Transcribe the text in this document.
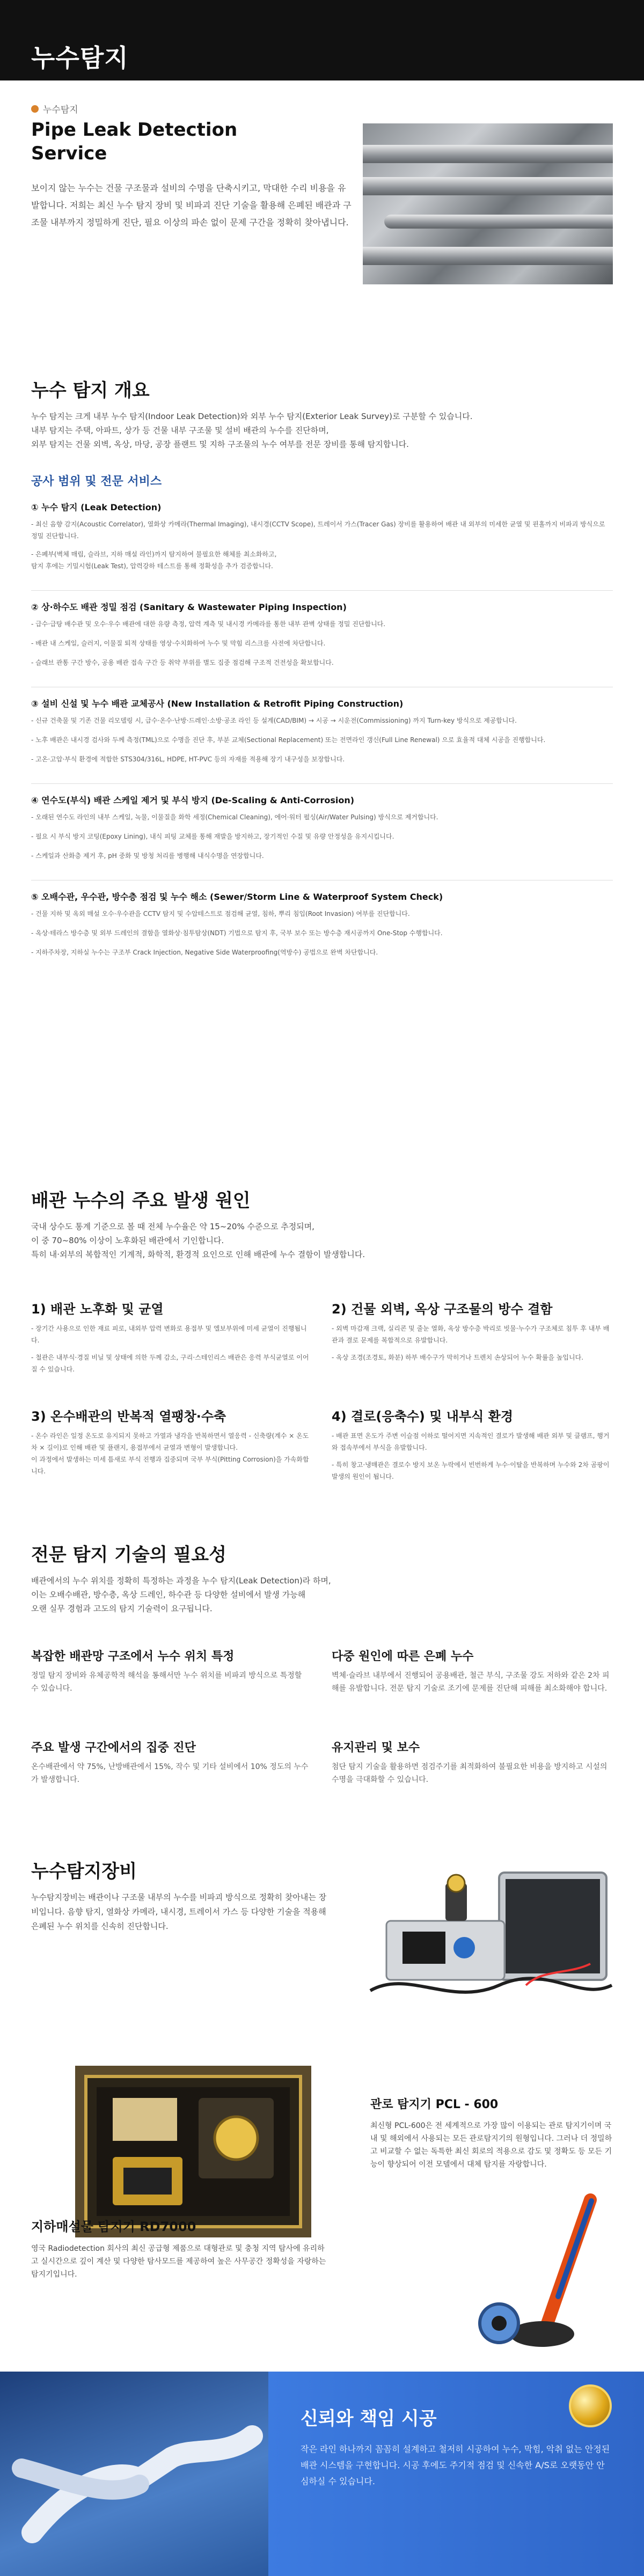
누수탐지
누수탐지
Pipe Leak Detection Service
보이지 않는 누수는 건물 구조물과 설비의 수명을 단축시키고, 막대한 수리 비용을 유발합니다. 저희는 최신 누수 탐지 장비 및 비파괴 진단 기술을 활용해 은폐된 배관과 구조물 내부까지 정밀하게 진단, 필요 이상의 파손 없이 문제 구간을 정확히 찾아냅니다.
누수 탐지 개요
누수 탐지는 크게 내부 누수 탐지(Indoor Leak Detection)와 외부 누수 탐지(Exterior Leak Survey)로 구분할 수 있습니다.
내부 탐지는 주택, 아파트, 상가 등 건물 내부 구조물 및 설비 배관의 누수를 진단하며,
외부 탐지는 건물 외벽, 옥상, 마당, 공장 플랜트 및 지하 구조물의 누수 여부를 전문 장비를 통해 탐지합니다.
공사 범위 및 전문 서비스
① 누수 탐지 (Leak Detection)
- 최신 음향 감지(Acoustic Correlator), 열화상 카메라(Thermal Imaging), 내시경(CCTV Scope), 트레이서 가스(Tracer Gas) 장비를 활용하여 배관 내 외부의 미세한 균열 및 핀홀까지 비파괴 방식으로 정밀 진단합니다.
- 은폐부(벽체 매립, 슬라브, 지하 매설 라인)까지 탐지하여 불필요한 해체를 최소화하고,
탐지 후에는 기밀시험(Leak Test), 압력강하 테스트를 통해 정확성을 추가 검증합니다.
② 상·하수도 배관 정밀 점검 (Sanitary & Wastewater Piping Inspection)
- 급수·급탕 배수관 및 오수·우수 배관에 대한 유량 측정, 압력 계측 및 내시경 카메라를 통한 내부 관벽 상태를 정밀 진단합니다.
- 배관 내 스케일, 슬러지, 이물질 퇴적 상태를 영상·수치화하여 누수 및 막힘 리스크를 사전에 차단합니다.
- 슬래브 관통 구간 방수, 공용 배관 접속 구간 등 취약 부위를 별도 집중 점검해 구조적 건전성을 확보합니다.
③ 설비 신설 및 누수 배관 교체공사 (New Installation & Retrofit Piping Construction)
- 신규 건축물 및 기존 건물 리모델링 시, 급수·온수·난방·드레인·소방·공조 라인 등 설계(CAD/BIM) → 시공 → 시운전(Commissioning) 까지 Turn-key 방식으로 제공합니다.
- 노후 배관은 내시경 검사와 두께 측정(TML)으로 수명을 진단 후, 부분 교체(Sectional Replacement) 또는 전면라인 갱신(Full Line Renewal) 으로 효율적 대체 시공을 진행합니다.
- 고온·고압·부식 환경에 적합한 STS304/316L, HDPE, HT-PVC 등의 자재를 적용해 장기 내구성을 보장합니다.
④ 연수도(부식) 배관 스케일 제거 및 부식 방지 (De-Scaling & Anti-Corrosion)
- 오래된 연수도 라인의 내부 스케일, 녹물, 이물질을 화학 세정(Chemical Cleaning), 에어·워터 펄싱(Air/Water Pulsing) 방식으로 제거합니다.
- 필요 시 부식 방지 코팅(Epoxy Lining), 내식 피팅 교체를 통해 재발을 방지하고, 장기적인 수질 및 유량 안정성을 유지시킵니다.
- 스케일과 산화층 제거 후, pH 중화 및 방청 처리를 병행해 내식수명을 연장합니다.
⑤ 오배수관, 우수관, 방수층 점검 및 누수 해소 (Sewer/Storm Line & Waterproof System Check)
- 건물 지하 및 옥외 매설 오수·우수관을 CCTV 탐지 및 수압테스트로 점검해 균열, 침하, 뿌리 침입(Root Invasion) 여부를 진단합니다.
- 옥상·테라스 방수층 및 외부 드레인의 결함을 열화상·침투탐상(NDT) 기법으로 탐지 후, 국부 보수 또는 방수층 재시공까지 One-Stop 수행합니다.
- 지하주차장, 지하실 누수는 구조부 Crack Injection, Negative Side Waterproofing(역방수) 공법으로 완벽 차단합니다.
배관 누수의 주요 발생 원인
국내 상수도 통계 기준으로 볼 때 전체 누수율은 약 15~20% 수준으로 추정되며,
이 중 70~80% 이상이 노후화된 배관에서 기인합니다.
특히 내·외부의 복합적인 기계적, 화학적, 환경적 요인으로 인해 배관에 누수 결함이 발생합니다.
1) 배관 노후화 및 균열

- 장기간 사용으로 인한 재료 피로, 내외부 압력 변화로 용접부 및 엘보부위에 미세 균열이 진행됩니다.

- 철관은 내부식·경질 비닐 및 상태에 의한 두께 감소, 구리·스테인리스 배관은 응력 부식균열로 이어질 수 있습니다.

2) 건물 외벽, 옥상 구조물의 방수 결함

- 외벽 마감재 크랙, 실리콘 및 줄눈 열화, 옥상 방수층 박리로 빗물·누수가 구조체로 침투 후 내부 배관과 결로 문제를 복합적으로 유발합니다.

- 옥상 조경(조경토, 화분) 하부 배수구가 막히거나 트렌치 손상되어 누수 확률을 높입니다.

3) 온수배관의 반복적 열팽창·수축

- 온수 라인은 일정 온도로 유지되지 못하고 가열과 냉각을 반복하면서 열응력 - 신축량(계수 × 온도차 × 길이)로 인해 배관 및 플랜지, 용접부에서 균열과 변형이 발생합니다.

이 과정에서 발생하는 미세 틈새로 부식 진행과 집중되며 국부 부식(Pitting Corrosion)을 가속화합니다.

4) 결로(응축수) 및 내부식 환경

- 배관 표면 온도가 주변 이슬점 이하로 떨어지면 지속적인 결로가 발생해 배관 외부 및 클램프, 행거와 접속부에서 부식을 유발합니다.

- 특히 창고·냉매관은 결로수 방지 보온 누락에서 빈번하게 누수·이탈을 반복하며 누수와 2차 곰팡이 발생의 원인이 됩니다.

전문 탐지 기술의 필요성
배관에서의 누수 위치를 정확히 특정하는 과정을 누수 탐지(Leak Detection)라 하며,
이는 오배수배관, 방수층, 옥상 드레인, 하수관 등 다양한 설비에서 발생 가능해
오랜 실무 경험과 고도의 탐지 기술력이 요구됩니다.
복잡한 배관망 구조에서 누수 위치 특정

정밀 탐지 장비와 유체공학적 해석을 통해서만 누수 위치를 비파괴 방식으로 특정할 수 있습니다.

다중 원인에 따른 은폐 누수

벽체·슬라브 내부에서 진행되어 공용배관, 철근 부식, 구조물 강도 저하와 같은 2차 피해를 유발합니다. 전문 탐지 기술로 조기에 문제를 진단해 피해를 최소화해야 합니다.

주요 발생 구간에서의 집중 진단

온수배관에서 약 75%, 난방배관에서 15%, 작수 및 기타 설비에서 10% 정도의 누수가 발생합니다.

유지관리 및 보수

첨단 탐지 기술을 활용하면 점검주기를 최적화하여 불필요한 비용을 방지하고 시설의 수명을 극대화할 수 있습니다.

누수탐지장비
누수탐지장비는 배관이나 구조물 내부의 누수를 비파괴 방식으로 정확히 찾아내는 장비입니다. 음향 탐지, 열화상 카메라, 내시경, 트레이서 가스 등 다양한 기술을 적용해 은폐된 누수 위치를 신속히 진단합니다.
관로 탐지기 PCL - 600
최신형 PCL-600은 전 세계적으로 가장 많이 이용되는 관로 탐지기이며 국내 및 해외에서 사용되는 모든 관로탐지기의 원형입니다. 그러나 더 정밀하고 비교할 수 없는 독특한 최신 회로의 적용으로 감도 및 정확도 등 모든 기능이 향상되어 이전 모델에서 대체 탐지를 자랑합니다.
지하매설물 탐지기 RD7000
영국 Radiodetection 회사의 최신 공급형 제품으로 대형관로 및 충청 지역 탐사에 유리하고 실시간으로 깊이 계산 및 다양한 탐사모드를 제공하여 높은 사무공간 정확성을 자랑하는 탐지기입니다.
신뢰와 책임 시공

작은 라인 하나까지 꼼꼼히 설계하고 철저히 시공하여 누수, 막힘, 악취 없는 안정된 배관 시스템을 구현합니다. 시공 후에도 주기적 점검 및 신속한 A/S로 오랫동안 안심하실 수 있습니다.
